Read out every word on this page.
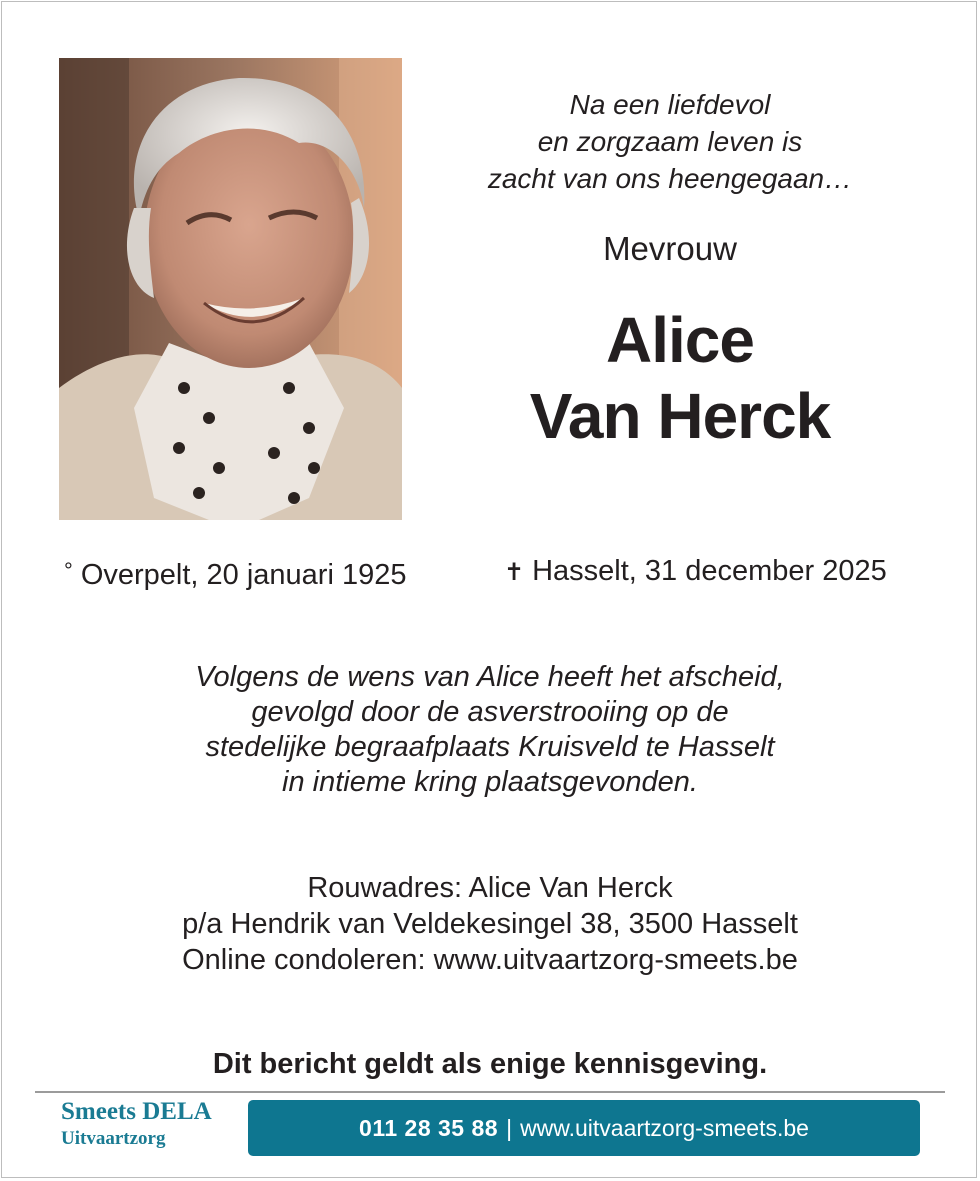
Na een liefdevol
en zorgzaam leven is
zacht van ons heengegaan…
Mevrouw
Alice
Van Herck
° Overpelt, 20 januari 1925	✝ Hasselt, 31 december 2025
Volgens de wens van Alice heeft het afscheid,
gevolgd door de asverstrooiing op de
stedelijke begraafplaats Kruisveld te Hasselt
in intieme kring plaatsgevonden.
Rouwadres: Alice Van Herck
p/a Hendrik van Veldekesingel 38, 3500 Hasselt
Online condoleren: www.uitvaartzorg-smeets.be
Dit bericht geldt als enige kennisgeving.
Smeets DELA
Uitvaartzorg	011 28 35 88 | www.uitvaartzorg-smeets.be
